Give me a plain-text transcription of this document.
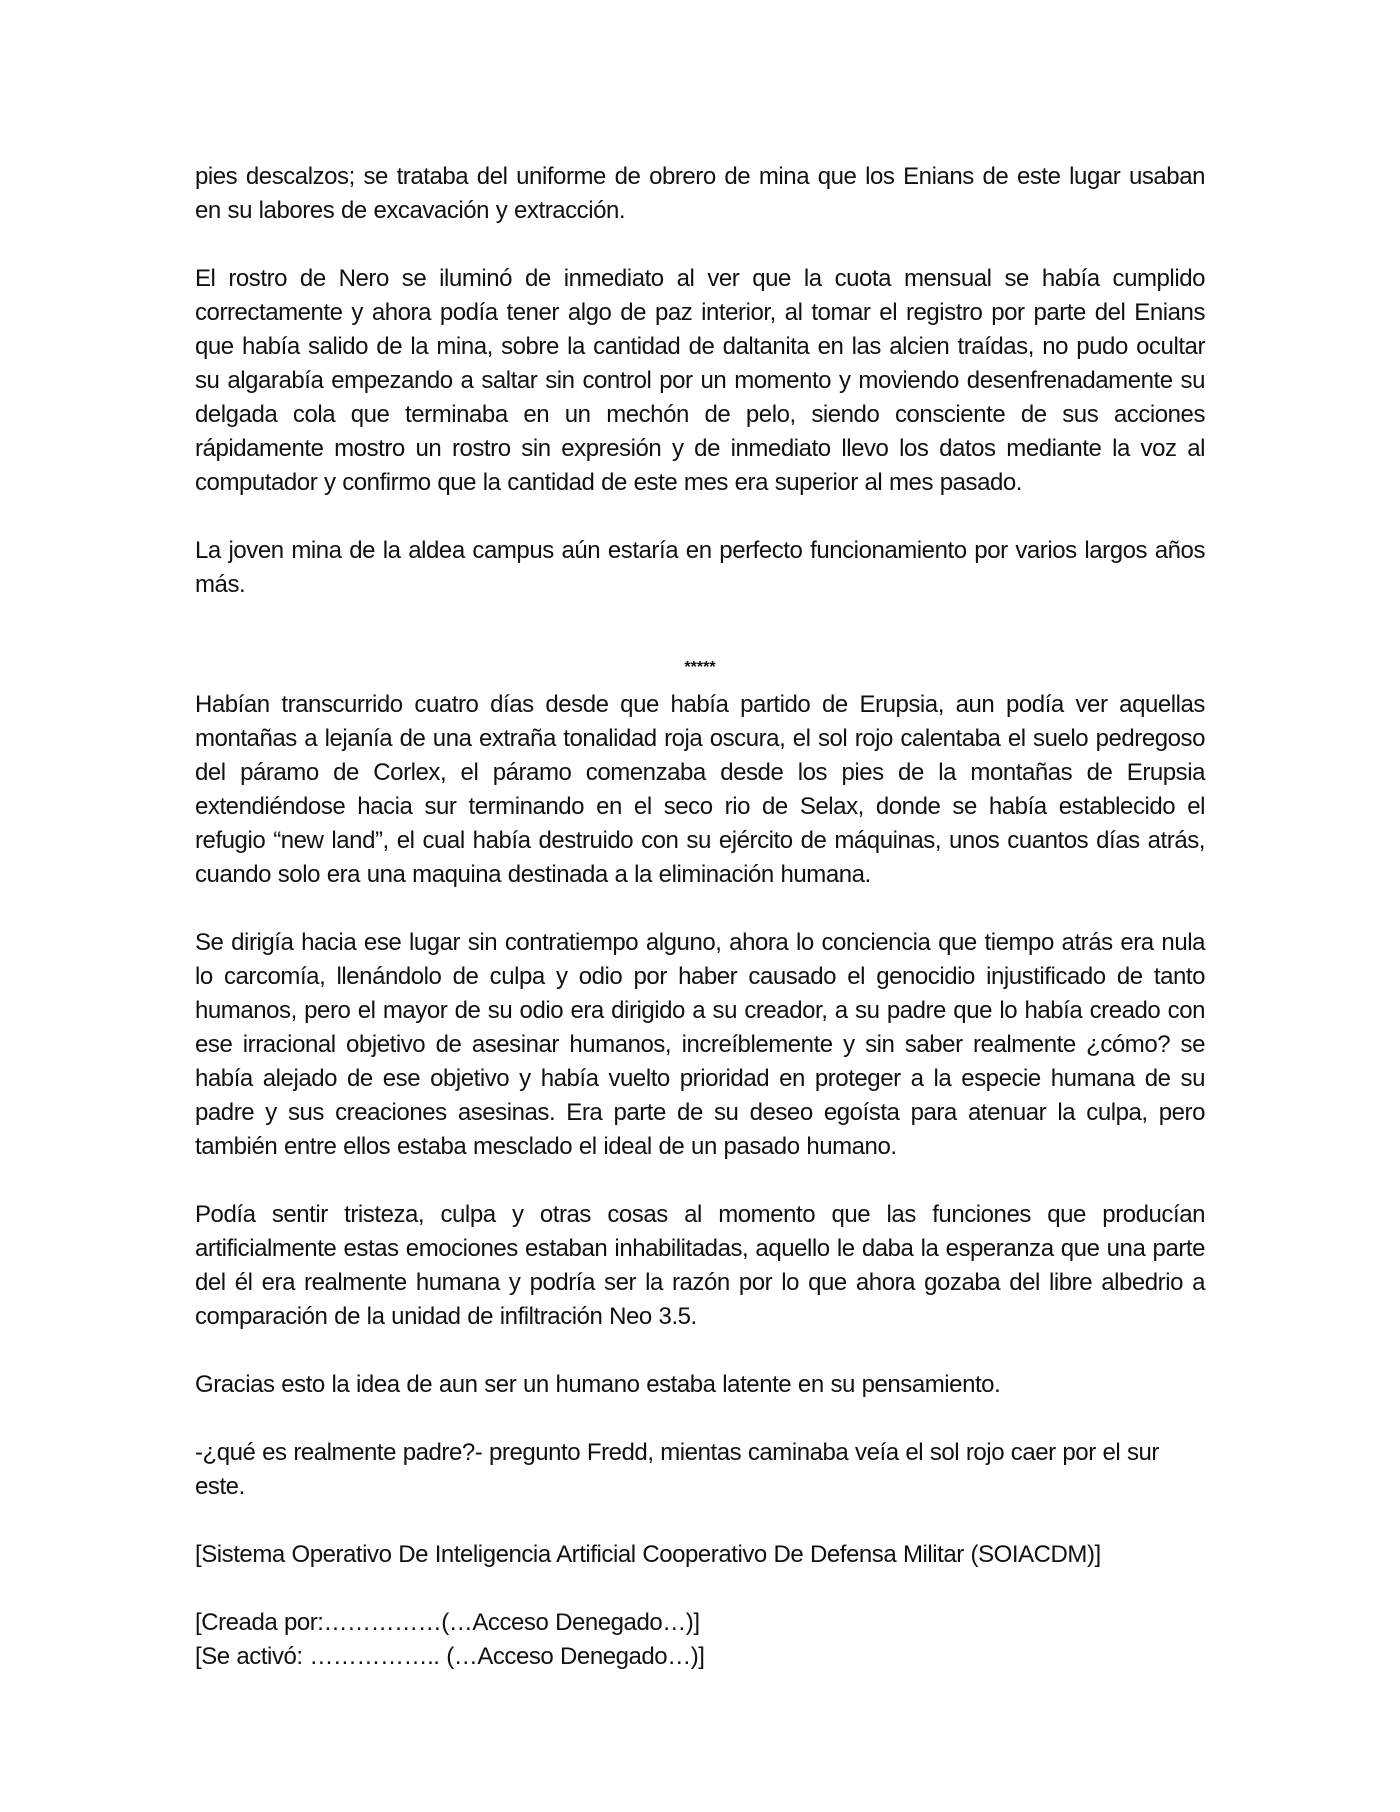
pies descalzos; se trataba del uniforme de obrero de mina que los Enians de este lugar usaban en su labores de excavación y extracción.

El rostro de Nero se iluminó de inmediato al ver que la cuota mensual se había cumplido correctamente y ahora podía tener algo de paz interior, al tomar el registro por parte del Enians que había salido de la mina, sobre la cantidad de daltanita en las alcien traídas, no pudo ocultar su algarabía empezando a saltar sin control por un momento y moviendo desenfrenadamente su delgada cola que terminaba en un mechón de pelo, siendo consciente de sus acciones rápidamente mostro un rostro sin expresión y de inmediato llevo los datos mediante la voz al computador y confirmo que la cantidad de este mes era superior al mes pasado.

La joven mina de la aldea campus aún estaría en perfecto funcionamiento por varios largos años más.

*****

Habían transcurrido cuatro días desde que había partido de Erupsia, aun podía ver aquellas montañas a lejanía de una extraña tonalidad roja oscura, el sol rojo calentaba el suelo pedregoso del páramo de Corlex, el páramo comenzaba desde los pies de la montañas de Erupsia extendiéndose hacia sur terminando en el seco rio de Selax, donde se había establecido el refugio “new land”, el cual había destruido con su ejército de máquinas, unos cuantos días atrás, cuando solo era una maquina destinada a la eliminación humana.

Se dirigía hacia ese lugar sin contratiempo alguno, ahora lo conciencia que tiempo atrás era nula lo carcomía, llenándolo de culpa y odio por haber causado el genocidio injustificado de tanto humanos, pero el mayor de su odio era dirigido a su creador, a su padre que lo había creado con ese irracional objetivo de asesinar humanos, increíblemente y sin saber realmente ¿cómo? se había alejado de ese objetivo y había vuelto prioridad en proteger a la especie humana de su padre y sus creaciones asesinas. Era parte de su deseo egoísta para atenuar la culpa, pero también entre ellos estaba mesclado el ideal de un pasado humano.

Podía sentir tristeza, culpa y otras cosas al momento que las funciones que producían artificialmente estas emociones estaban inhabilitadas, aquello le daba la esperanza que una parte del él era realmente humana y podría ser la razón por lo que ahora gozaba del libre albedrio a comparación de la unidad de infiltración Neo 3.5.

Gracias esto la idea de aun ser un humano estaba latente en su pensamiento.

-¿qué es realmente padre?- pregunto Fredd, mientas caminaba veía el sol rojo caer por el sur este.

[Sistema Operativo De Inteligencia Artificial Cooperativo De Defensa Militar (SOIACDM)]

[Creada por:……………(…Acceso Denegado…)]

[Se activó: …………….. (…Acceso Denegado…)]
